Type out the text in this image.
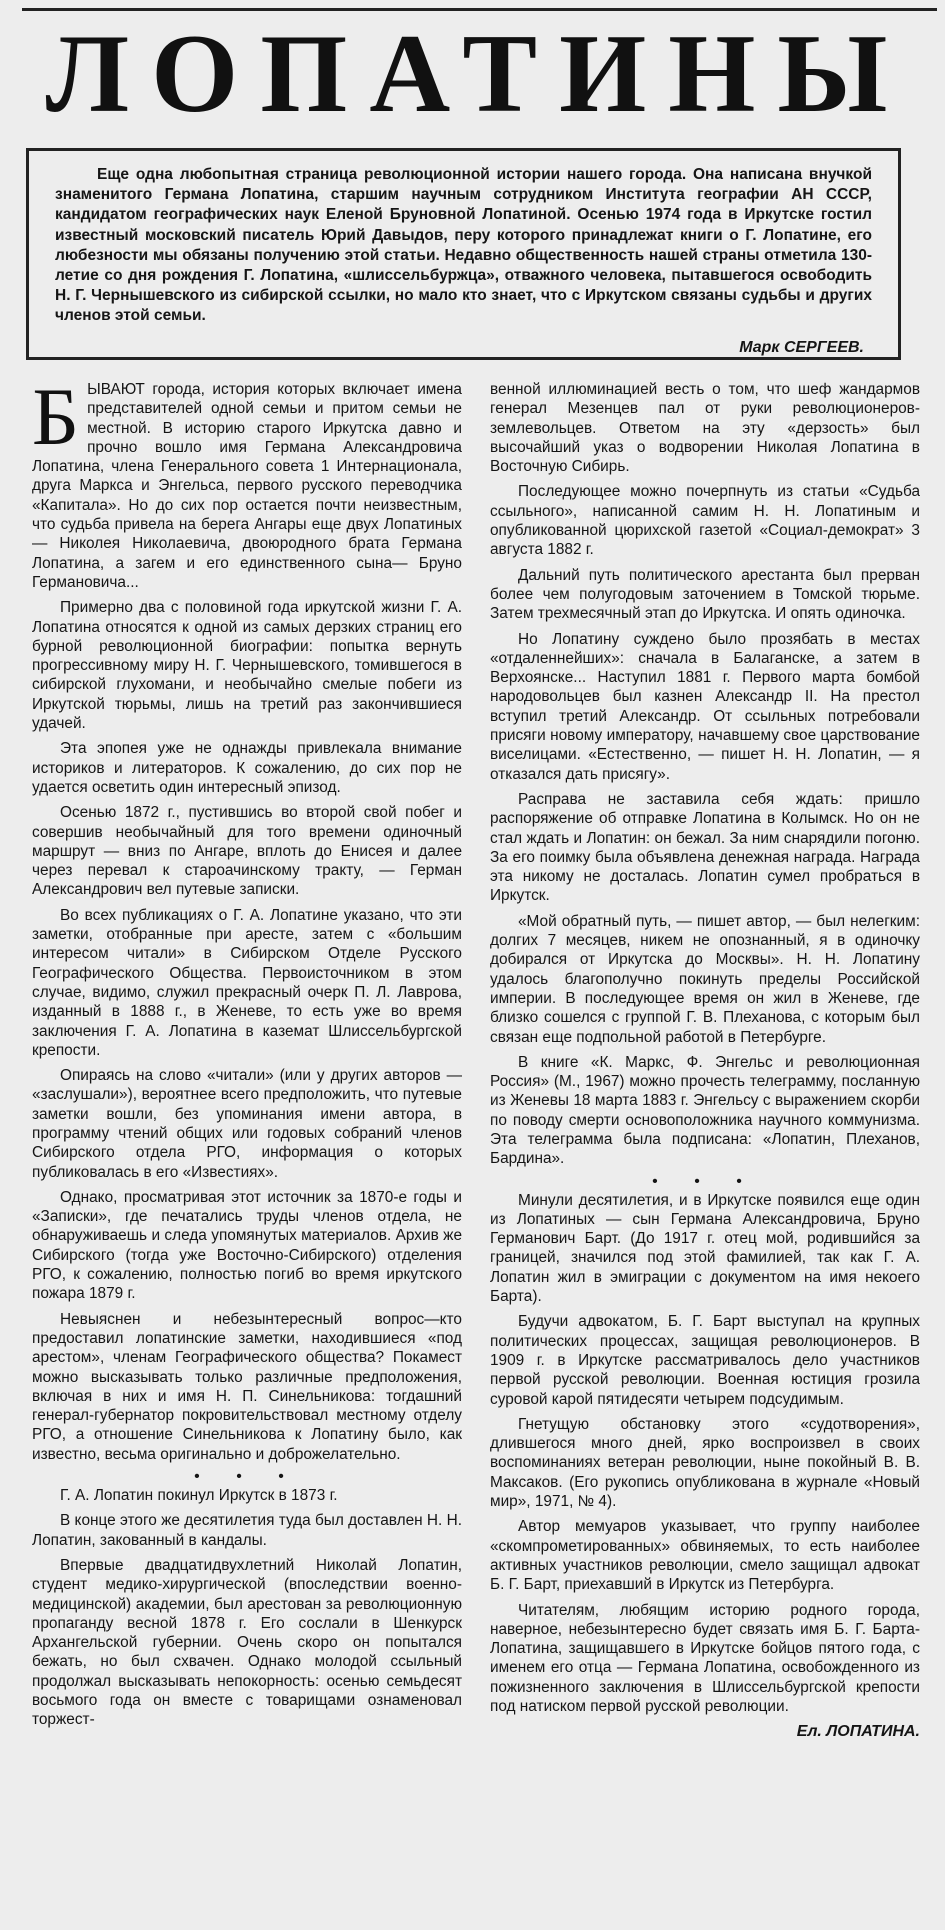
ЛОПАТИНЫ

Еще одна любопытная страница революционной истории нашего города. Она написана внучкой знаменитого Германа Лопатина, старшим научным сотрудником Института географии АН СССР, кандидатом географических наук Еленой Бруновной Лопатиной. Осенью 1974 года в Иркутске гостил известный московский писатель Юрий Давыдов, перу которого принадлежат книги о Г. Лопатине, его любезности мы обязаны получению этой статьи. Недавно общественность нашей страны отметила 130-летие со дня рождения Г. Лопатина, «шлиссельбуржца», отважного человека, пытавшегося освободить Н. Г. Чернышевского из сибирской ссылки, но мало кто знает, что с Иркутском связаны судьбы и других членов этой семьи.

Марк СЕРГЕЕВ.

БЫВАЮТ города, история которых включает имена представителей одной семьи и притом семьи не местной. В историю старого Иркутска давно и прочно вошло имя Германа Александровича Лопатина, члена Генерального совета 1 Интернационала, друга Маркса и Энгельса, первого русского переводчика «Капитала». Но до сих пор остается почти неизвестным, что судьба привела на берега Ангары еще двух Лопатиных — Николея Николаевича, двоюродного брата Германа Лопатина, а загем и его единственного сына— Бруно Германовича...

Примерно два с половиной года иркутской жизни Г. А. Лопатина относятся к одной из самых дерзких страниц его бурной революционной биографии: попытка вернуть прогрессивному миру Н. Г. Чернышевского, томившегося в сибирской глухомани, и необычайно смелые побеги из Иркутской тюрьмы, лишь на третий раз закончившиеся удачей.

Эта эпопея уже не однажды привлекала внимание историков и литераторов. К сожалению, до сих пор не удается осветить один интересный эпизод.

Осенью 1872 г., пустившись во второй свой побег и совершив необычайный для того времени одиночный маршрут — вниз по Ангаре, вплоть до Енисея и далее через перевал к староачинскому тракту, — Герман Александрович вел путевые записки.

Во всех публикациях о Г. А. Лопатине указано, что эти заметки, отобранные при аресте, затем с «большим интересом читали» в Сибирском Отделе Русского Географического Общества. Первоисточником в этом случае, видимо, служил прекрасный очерк П. Л. Лаврова, изданный в 1888 г., в Женеве, то есть уже во время заключения Г. А. Лопатина в каземат Шлиссельбургской крепости.

Опираясь на слово «читали» (или у других авторов — «заслушали»), вероятнее всего предположить, что путевые заметки вошли, без упоминания имени автора, в программу чтений общих или годовых собраний членов Сибирского отдела РГО, информация о которых публиковалась в его «Известиях».

Однако, просматривая этот источник за 1870-е годы и «Записки», где печатались труды членов отдела, не обнаруживаешь и следа упомянутых материалов. Архив же Сибирского (тогда уже Восточно-Сибирского) отделения РГО, к сожалению, полностью погиб во время иркутского пожара 1879 г.

Невыяснен и небезынтересный вопрос—кто предоставил лопатинские заметки, находившиеся «под арестом», членам Географического общества? Покамест можно высказывать только различные предположения, включая в них и имя Н. П. Синельникова: тогдашний генерал-губернатор покровительствовал местному отделу РГО, а отношение Синельникова к Лопатину было, как известно, весьма оригинально и доброжелательно.

• • •

Г. А. Лопатин покинул Иркутск в 1873 г.

В конце этого же десятилетия туда был доставлен Н. Н. Лопатин, закованный в кандалы.

Впервые двадцатидвухлетний Николай Лопатин, студент медико-хирургической (впоследствии военно-медицинской) академии, был арестован за революционную пропаганду весной 1878 г. Его сослали в Шенкурск Архангельской губернии. Очень скоро он попытался бежать, но был схвачен. Однако молодой ссыльный продолжал высказывать непокорность: осенью семьдесят восьмого года он вместе с товарищами ознаменовал торжест-

венной иллюминацией весть о том, что шеф жандармов генерал Мезенцев пал от руки революционеров-землевольцев. Ответом на эту «дерзость» был высочайший указ о водворении Николая Лопатина в Восточную Сибирь.

Последующее можно почерпнуть из статьи «Судьба ссыльного», написанной самим Н. Н. Лопатиным и опубликованной цюрихской газетой «Социал-демократ» 3 августа 1882 г.

Дальний путь политического арестанта был прерван более чем полугодовым заточением в Томской тюрьме. Затем трехмесячный этап до Иркутска. И опять одиночка.

Но Лопатину суждено было прозябать в местах «отдаленнейших»: сначала в Балаганске, а затем в Верхоянске... Наступил 1881 г. Первого марта бомбой народовольцев был казнен Александр II. На престол вступил третий Александр. От ссыльных потребовали присяги новому императору, начавшему свое царствование виселицами. «Естественно, — пишет Н. Н. Лопатин, — я отказался дать присягу».

Расправа не заставила себя ждать: пришло распоряжение об отправке Лопатина в Колымск. Но он не стал ждать и Лопатин: он бежал. За ним снарядили погоню. За его поимку была объявлена денежная награда. Награда эта никому не досталась. Лопатин сумел пробраться в Иркутск.

«Мой обратный путь, — пишет автор, — был нелегким: долгих 7 месяцев, никем не опознанный, я в одиночку добирался от Иркутска до Москвы». Н. Н. Лопатину удалось благополучно покинуть пределы Российской империи. В последующее время он жил в Женеве, где близко сошелся с группой Г. В. Плеханова, с которым был связан еще подпольной работой в Петербурге.

В книге «К. Маркс, Ф. Энгельс и революционная Россия» (М., 1967) можно прочесть телеграмму, посланную из Женевы 18 марта 1883 г. Энгельсу с выражением скорби по поводу смерти основоположника научного коммунизма. Эта телеграмма была подписана: «Лопатин, Плеханов, Бардина».

• • •

Минули десятилетия, и в Иркутске появился еще один из Лопатиных — сын Германа Александровича, Бруно Германович Барт. (До 1917 г. отец мой, родившийся за границей, значился под этой фамилией, так как Г. А. Лопатин жил в эмиграции с документом на имя некоего Барта).

Будучи адвокатом, Б. Г. Барт выступал на крупных политических процессах, защищая революционеров. В 1909 г. в Иркутске рассматривалось дело участников первой русской революции. Военная юстиция грозила суровой карой пятидесяти четырем подсудимым.

Гнетущую обстановку этого «судотворения», длившегося много дней, ярко воспроизвел в своих воспоминаниях ветеран революции, ныне покойный В. В. Максаков. (Его рукопись опубликована в журнале «Новый мир», 1971, № 4).

Автор мемуаров указывает, что группу наиболее «скомпрометированных» обвиняемых, то есть наиболее активных участников революции, смело защищал адвокат Б. Г. Барт, приехавший в Иркутск из Петербурга.

Читателям, любящим историю родного города, наверное, небезынтересно будет связать имя Б. Г. Барта-Лопатина, защищавшего в Иркутске бойцов пятого года, с именем его отца — Германа Лопатина, освобожденного из пожизненного заключения в Шлиссельбургской крепости под натиском первой русской революции.

Ел. ЛОПАТИНА.
